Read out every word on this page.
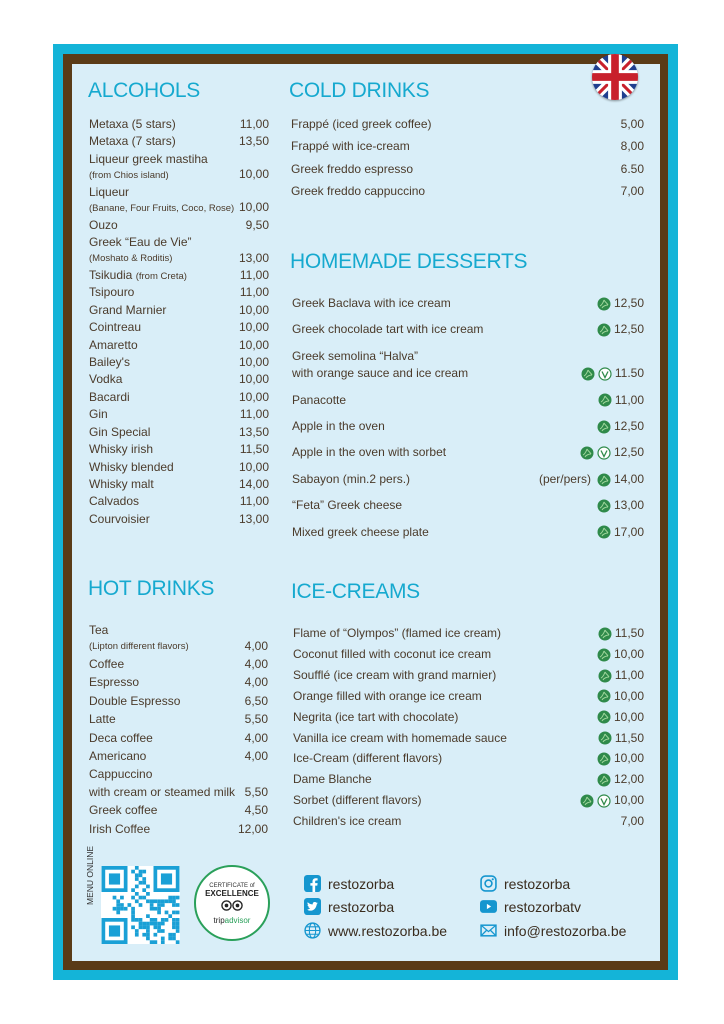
ALCOHOLS
Metaxa (5 stars)	11,00
Metaxa (7 stars)	13,50
Liqueur greek mastiha
(from Chios island)	10,00
Liqueur
(Banane, Four Fruits, Coco, Rose) 10,00
Ouzo	9,50
Greek “Eau de Vie”
(Moshato & Roditis)	13,00
Tsikudia (from Creta)	11,00
Tsipouro	11,00
Grand Marnier	10,00
Cointreau	10,00
Amaretto	10,00
Bailey's	10,00
Vodka	10,00
Bacardi	10,00
Gin	11,00
Gin Special	13,50
Whisky irish	11,50
Whisky blended	10,00
Whisky malt	14,00
Calvados	11,00
Courvoisier	13,00
COLD DRINKS
Frappé (iced greek coffee)	5,00
Frappé with ice-cream	8,00
Greek freddo espresso	6.50
Greek freddo cappuccino	7,00
HOMEMADE DESSERTS
Greek Baclava with ice cream	12,50
Greek chocolade tart with ice cream	12,50
Greek semolina “Halva”
with orange sauce and ice cream	11.50
Panacotte	11,00
Apple in the oven	12,50
Apple in the oven with sorbet	12,50
Sabayon (min.2 pers.)	(per/pers) 14,00
“Feta” Greek cheese	13,00
Mixed greek cheese plate	17,00
HOT DRINKS
Tea
(Lipton different flavors)	4,00
Coffee	4,00
Espresso	4,00
Double Espresso	6,50
Latte	5,50
Deca coffee	4,00
Americano	4,00
Cappuccino
with cream or steamed milk 5,50
Greek coffee	4,50
Irish Coffee	12,00
ICE-CREAMS
Flame of “Olympos” (flamed ice cream)	11,50
Coconut filled with coconut ice cream	10,00
Soufflé (ice cream with grand marnier)	11,00
Orange filled with orange ice cream	10,00
Negrita (ice tart with chocolate)	10,00
Vanilla ice cream with homemade sauce	11,50
Ice-Cream (different flavors)	10,00
Dame Blanche	12,00
Sorbet (different flavors)	10,00
Children's ice cream	7,00
MENU ONLINE	CERTIFICATE of
EXCELLENCE
tripadvisor
restozorba
restozorba
www.restozorba.be
restozorba
restozorbatv
info@restozorba.be
